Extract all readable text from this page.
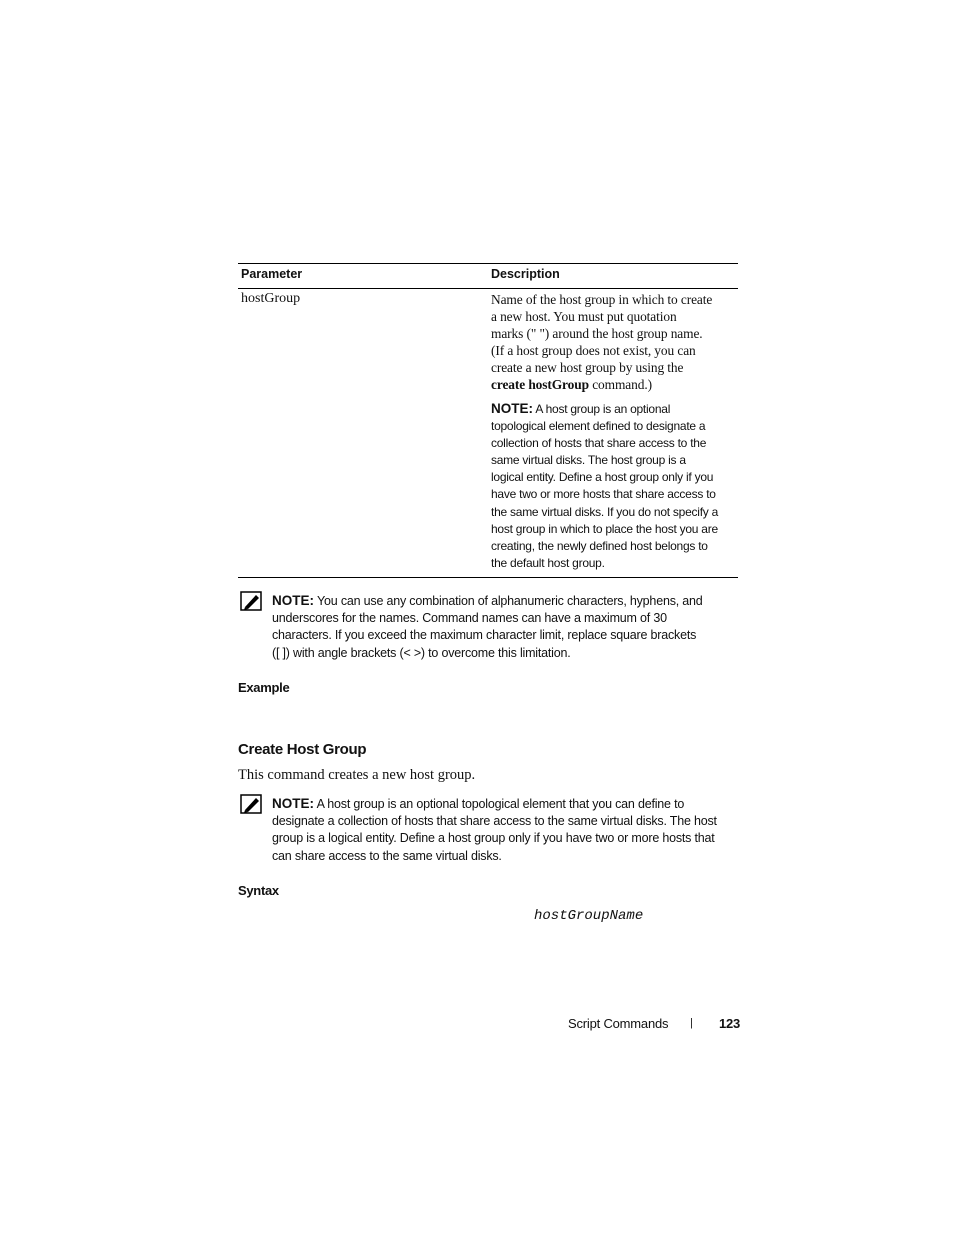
Parameter	Description
hostGroup	Name of the host group in which to create
a new host. You must put quotation
marks (" ") around the host group name.
(If a host group does not exist, you can
create a new host group by using the
create hostGroup command.)
NOTE: A host group is an optional
topological element defined to designate a
collection of hosts that share access to the
same virtual disks. The host group is a
logical entity. Define a host group only if you
have two or more hosts that share access to
the same virtual disks. If you do not specify a
host group in which to place the host you are
creating, the newly defined host belongs to
the default host group.
NOTE: You can use any combination of alphanumeric characters, hyphens, and
underscores for the names. Command names can have a maximum of 30
characters. If you exceed the maximum character limit, replace square brackets
([ ]) with angle brackets (< >) to overcome this limitation.
Example
Create Host Group
This command creates a new host group.
NOTE: A host group is an optional topological element that you can define to
designate a collection of hosts that share access to the same virtual disks. The host
group is a logical entity. Define a host group only if you have two or more hosts that
can share access to the same virtual disks.
Syntax
hostGroupName
Script Commands | 123
